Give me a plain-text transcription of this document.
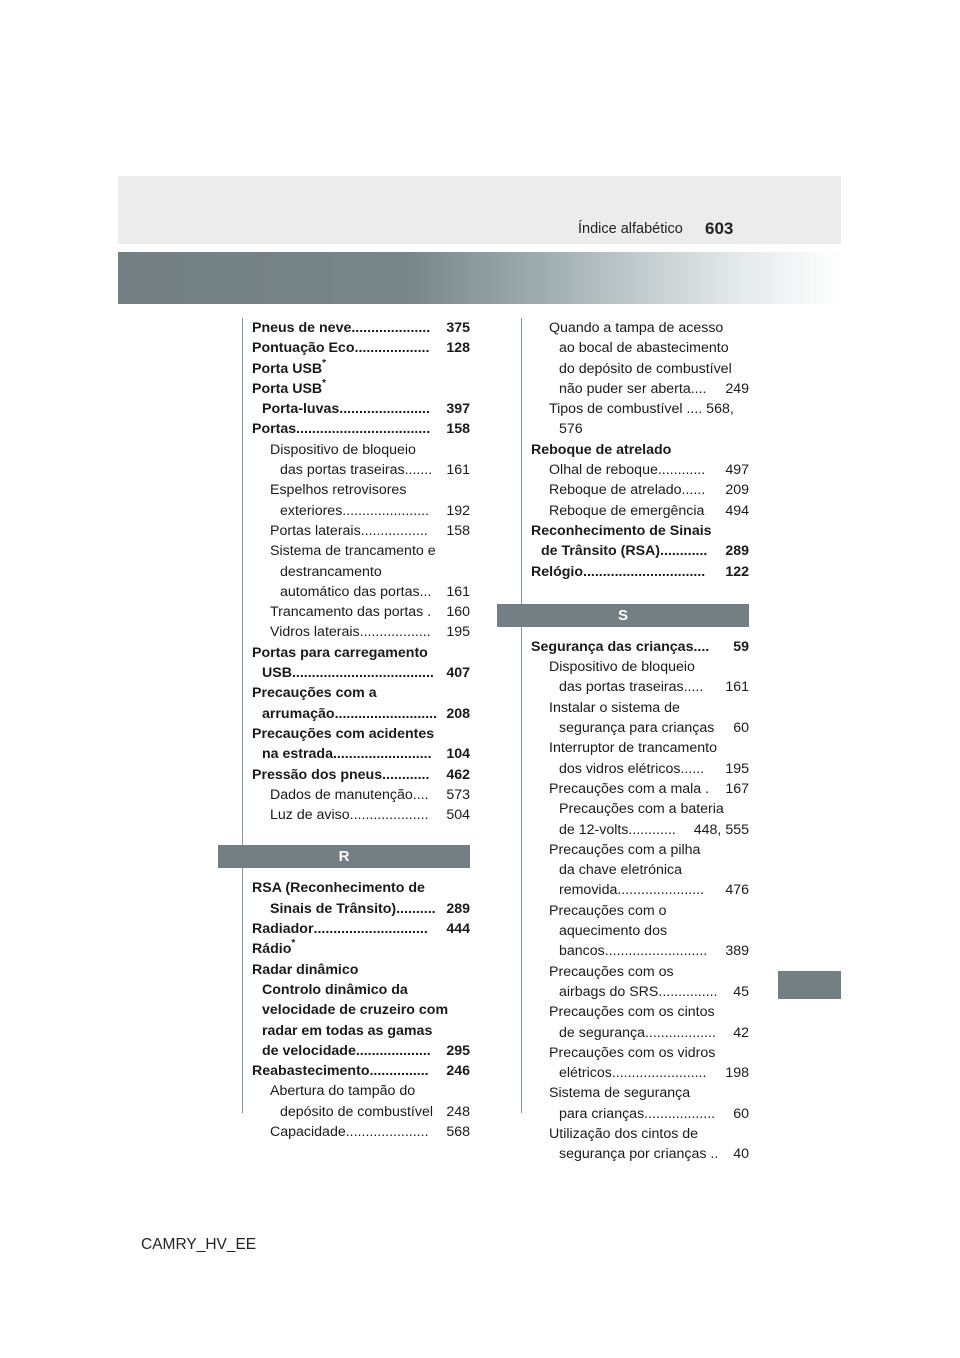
Índice alfabético 603
Pneus de neve ....................	375
Pontuação Eco ...................	128
Porta USB*
Porta USB*
Porta-luvas .......................	397
Portas ..................................	158
Dispositivo de bloqueio
das portas traseiras ....... 161
Espelhos retrovisores
exteriores ......................	192
Portas laterais .................	158
Sistema de trancamento e
destrancamento
automático das portas ...	161
Trancamento das portas . 160
Vidros laterais ..................	195
Portas para carregamento
USB .................................... 407
Precauções com a
arrumação .......................... 208
Precauções com acidentes
na estrada .........................	104
Pressão dos pneus ............	462
Dados de manutenção ....	573
Luz de aviso ....................	504
R
RSA (Reconhecimento de
Sinais de Trânsito) .......... 289
Radiador .............................	444
Rádio*
Radar dinâmico
Controlo dinâmico da
velocidade de cruzeiro com
radar em todas as gamas
de velocidade ...................	295
Reabastecimento ...............	246
Abertura do tampão do
depósito de combustível 248
Capacidade .....................	568
Quando a tampa de acesso
ao bocal de abastecimento
do depósito de combustível
não puder ser aberta ....	249
Tipos de combustível .... 568,
576
Reboque de atrelado
Olhal de reboque ............	497
Reboque de atrelado ......	209
Reboque de emergência 494
Reconhecimento de Sinais
de Trânsito (RSA) ............	289
Relógio ...............................	122
S
Segurança das crianças ....	59
Dispositivo de bloqueio
das portas traseiras .....	161
Instalar o sistema de
segurança para crianças 60
Interruptor de trancamento
dos vidros elétricos ......	195
Precauções com a mala . 167
Precauções com a bateria
de 12-volts ............	448, 555
Precauções com a pilha
da chave eletrónica
removida ......................	476
Precauções com o
aquecimento dos
bancos ..........................	389
Precauções com os
airbags do SRS ...............	45
Precauções com os cintos
de segurança ..................	42
Precauções com os vidros
elétricos ........................	198
Sistema de segurança
para crianças ..................	60
Utilização dos cintos de
segurança por crianças .. 40
CAMRY_HV_EE
